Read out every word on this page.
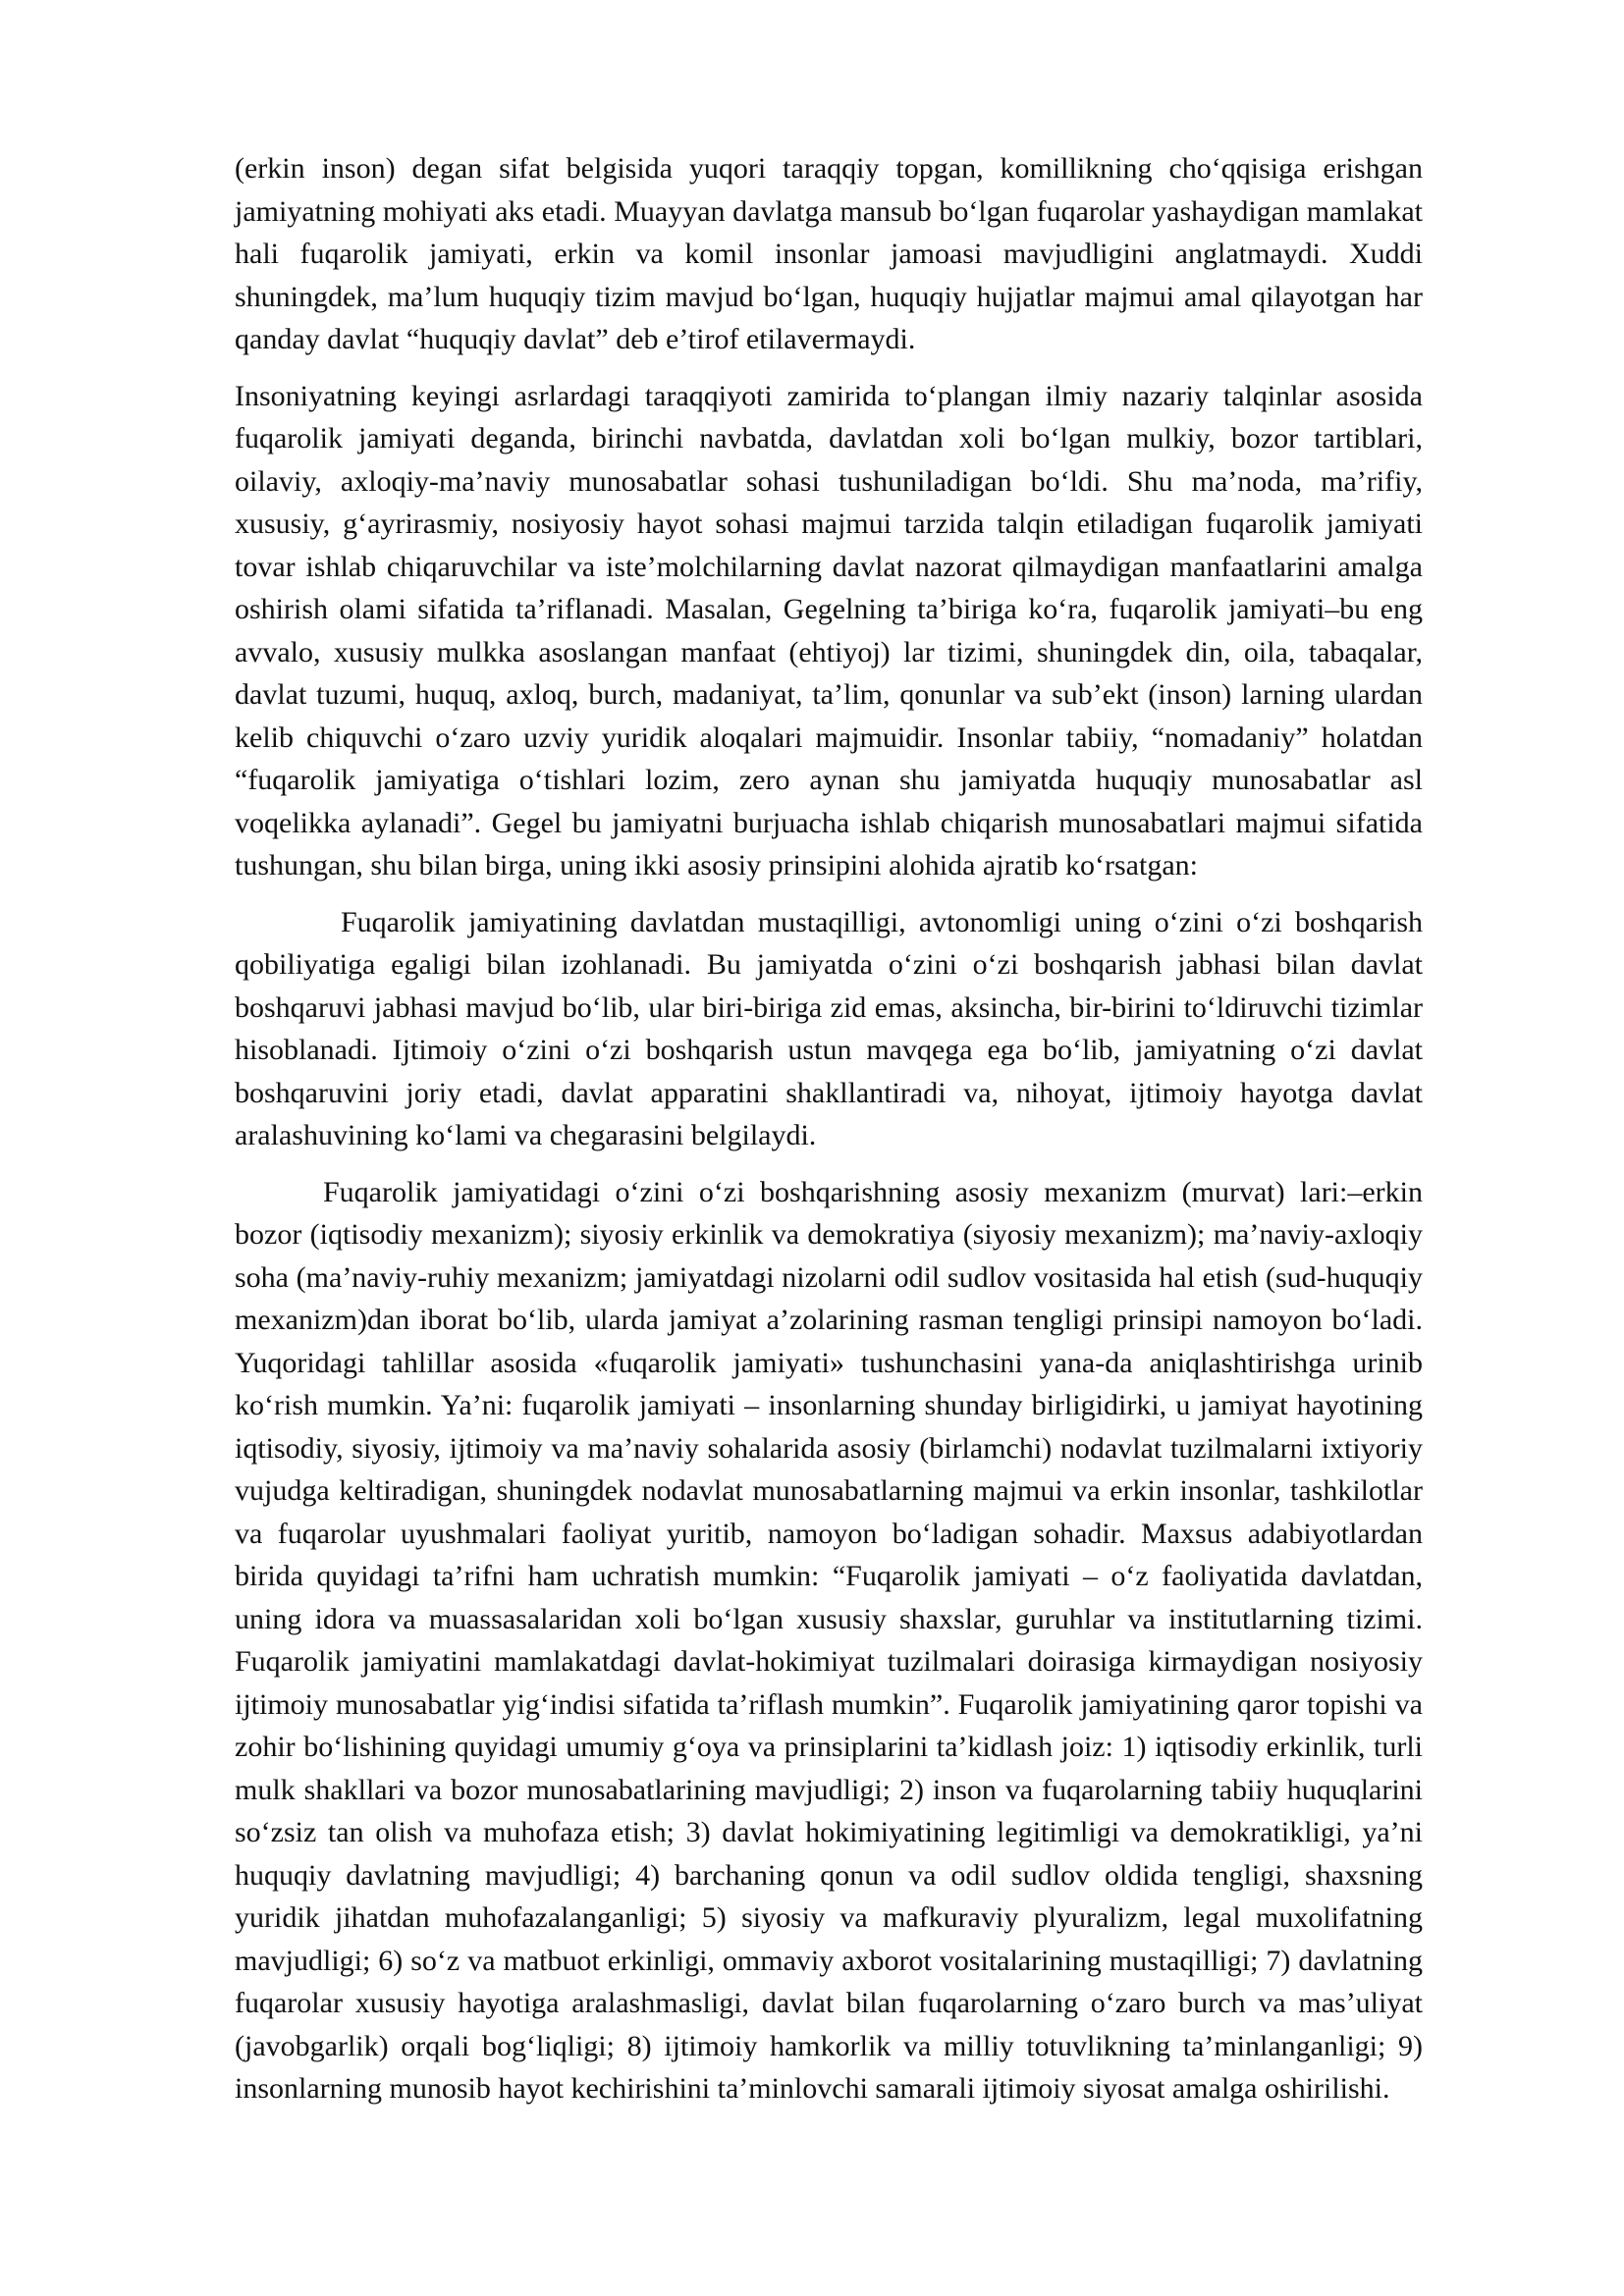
(erkin inson) degan sifat belgisida yuqori taraqqiy topgan, komillikning cho‘qqisiga erishgan jamiyatning mohiyati aks etadi. Muayyan davlatga mansub bo‘lgan fuqarolar yashaydigan mamlakat hali fuqarolik jamiyati, erkin va komil insonlar jamoasi mavjudligini anglatmaydi. Xuddi shuningdek, ma’lum huquqiy tizim mavjud bo‘lgan, huquqiy hujjatlar majmui amal qilayotgan har qanday davlat “huquqiy davlat” deb e’tirof etilavermaydi.

Insoniyatning keyingi asrlardagi taraqqiyoti zamirida to‘plangan ilmiy nazariy talqinlar asosida fuqarolik jamiyati deganda, birinchi navbatda, davlatdan xoli bo‘lgan mulkiy, bozor tartiblari, oilaviy, axloqiy-ma’naviy munosabatlar sohasi tushuniladigan bo‘ldi. Shu ma’noda, ma’rifiy, xususiy, g‘ayrirasmiy, nosiyosiy hayot sohasi majmui tarzida talqin etiladigan fuqarolik jamiyati tovar ishlab chiqaruvchilar va iste’molchilarning davlat nazorat qilmaydigan manfaatlarini amalga oshirish olami sifatida ta’riflanadi. Masalan, Gegelning ta’biriga ko‘ra, fuqarolik jamiyati–bu eng avvalo, xususiy mulkka asoslangan manfaat (ehtiyoj) lar tizimi, shuningdek din, oila, tabaqalar, davlat tuzumi, huquq, axloq, burch, madaniyat, ta’lim, qonunlar va sub’ekt (inson) larning ulardan kelib chiquvchi o‘zaro uzviy yuridik aloqalari majmuidir. Insonlar tabiiy, “nomadaniy” holatdan “fuqarolik jamiyatiga o‘tishlari lozim, zero aynan shu jamiyatda huquqiy munosabatlar asl voqelikka aylanadi”. Gegel bu jamiyatni burjuacha ishlab chiqarish munosabatlari majmui sifatida tushungan, shu bilan birga, uning ikki asosiy prinsipini alohida ajratib ko‘rsatgan:

Fuqarolik jamiyatining davlatdan mustaqilligi, avtonomligi uning o‘zini o‘zi boshqarish qobiliyatiga egaligi bilan izohlanadi. Bu jamiyatda o‘zini o‘zi boshqarish jabhasi bilan davlat boshqaruvi jabhasi mavjud bo‘lib, ular biri-biriga zid emas, aksincha, bir-birini to‘ldiruvchi tizimlar hisoblanadi. Ijtimoiy o‘zini o‘zi boshqarish ustun mavqega ega bo‘lib, jamiyatning o‘zi davlat boshqaruvini joriy etadi, davlat apparatini shakllantiradi va, nihoyat, ijtimoiy hayotga davlat aralashuvining ko‘lami va chegarasini belgilaydi.

Fuqarolik jamiyatidagi o‘zini o‘zi boshqarishning asosiy mexanizm (murvat) lari:–erkin bozor (iqtisodiy mexanizm); siyosiy erkinlik va demokratiya (siyosiy mexanizm); ma’naviy-axloqiy soha (ma’naviy-ruhiy mexanizm; jamiyatdagi nizolarni odil sudlov vositasida hal etish (sud-huquqiy mexanizm)dan iborat bo‘lib, ularda jamiyat a’zolarining rasman tengligi prinsipi namoyon bo‘ladi. Yuqoridagi tahlillar asosida «fuqarolik jamiyati» tushunchasini yana-da aniqlashtirishga urinib ko‘rish mumkin. Ya’ni: fuqarolik jamiyati – insonlarning shunday birligidirki, u jamiyat hayotining iqtisodiy, siyosiy, ijtimoiy va ma’naviy sohalarida asosiy (birlamchi) nodavlat tuzilmalarni ixtiyoriy vujudga keltiradigan, shuningdek nodavlat munosabatlarning majmui va erkin insonlar, tashkilotlar va fuqarolar uyushmalari faoliyat yuritib, namoyon bo‘ladigan sohadir. Maxsus adabiyotlardan birida quyidagi ta’rifni ham uchratish mumkin: “Fuqarolik jamiyati – o‘z faoliyatida davlatdan, uning idora va muassasalaridan xoli bo‘lgan xususiy shaxslar, guruhlar va institutlarning tizimi. Fuqarolik jamiyatini mamlakatdagi davlat-hokimiyat tuzilmalari doirasiga kirmaydigan nosiyosiy ijtimoiy munosabatlar yig‘indisi sifatida ta’riflash mumkin”. Fuqarolik jamiyatining qaror topishi va zohir bo‘lishining quyidagi umumiy g‘oya va prinsiplarini ta’kidlash joiz: 1) iqtisodiy erkinlik, turli mulk shakllari va bozor munosabatlarining mavjudligi; 2) inson va fuqarolarning tabiiy huquqlarini so‘zsiz tan olish va muhofaza etish; 3) davlat hokimiyatining legitimligi va demokratikligi, ya’ni huquqiy davlatning mavjudligi; 4) barchaning qonun va odil sudlov oldida tengligi, shaxsning yuridik jihatdan muhofazalanganligi; 5) siyosiy va mafkuraviy plyuralizm, legal muxolifatning mavjudligi; 6) so‘z va matbuot erkinligi, ommaviy axborot vositalarining mustaqilligi; 7) davlatning fuqarolar xususiy hayotiga aralashmasligi, davlat bilan fuqarolarning o‘zaro burch va mas’uliyat (javobgarlik) orqali bog‘liqligi; 8) ijtimoiy hamkorlik va milliy totuvlikning ta’minlanganligi; 9) insonlarning munosib hayot kechirishini ta’minlovchi samarali ijtimoiy siyosat amalga oshirilishi.
